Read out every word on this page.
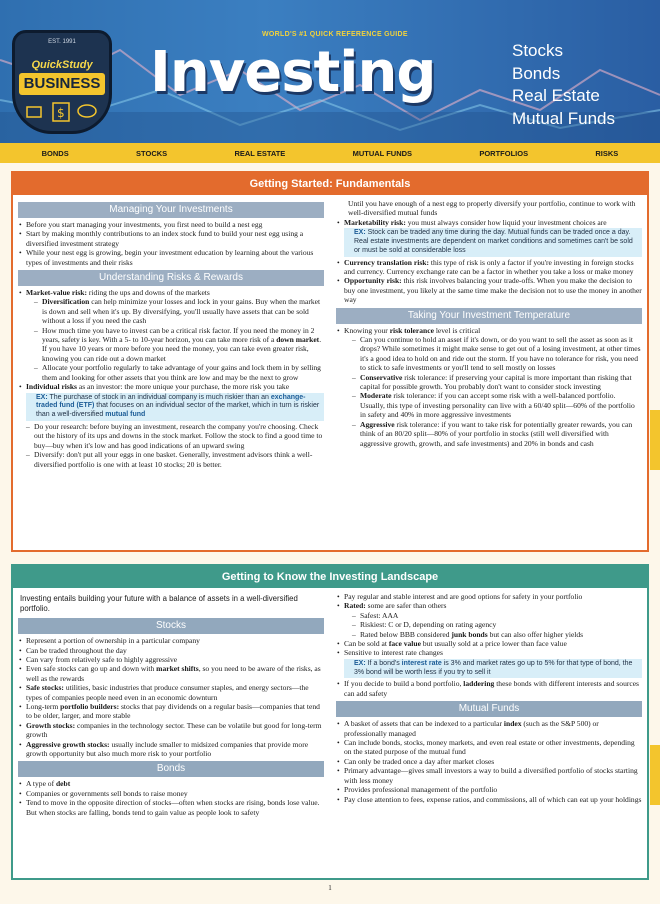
WORLD'S #1 QUICK REFERENCE GUIDE
EST. 1991
QuickStudy
BUSINESS
$
Investing	Stocks
Bonds
Real Estate
Mutual Funds
BONDS	STOCKS	REAL ESTATE	MUTUAL FUNDS	PORTFOLIOS	RISKS
Getting Started: Fundamentals
Managing Your Investments
• Before you start managing your investments, you first need to build a nest egg
• Start by making monthly contributions to an index stock fund to build your nest egg using a diversified investment strategy
• While your nest egg is growing, begin your investment education by learning about the various types of investments and their risks
Understanding Risks & Rewards
• Market-value risk: riding the ups and downs of the markets
– Diversification can help minimize your losses and lock in your gains. Buy when the market is down and sell when it's up. By diversifying, you'll usually have assets that can be sold without a loss if you need the cash
– How much time you have to invest can be a critical risk factor. If you need the money in 2 years, safety is key. With a 5- to 10-year horizon, you can take more risk of a down market. If you have 10 years or more before you need the money, you can take even greater risk, knowing you can ride out a down market
– Allocate your portfolio regularly to take advantage of your gains and lock them in by selling them and looking for other assets that you think are low and may be the next to grow
• Individual risks as an investor: the more unique your purchase, the more risk you take
EX: The purchase of stock in an individual company is much riskier than an exchange-traded fund (ETF) that focuses on an individual sector of the market, which in turn is riskier than a well-diversified mutual fund
– Do your research: before buying an investment, research the company you're choosing. Check out the history of its ups and downs in the stock market. Follow the stock to find a good time to buy—buy when it's low and has good indications of an upward swing
– Diversify: don't put all your eggs in one basket. Generally, investment advisors think a well-diversified portfolio is one with at least 10 stocks; 20 is better.

Until you have enough of a nest egg to properly diversify your portfolio, continue to work with well-diversified mutual funds

• Marketability risk: you must always consider how liquid your investment choices are
EX: Stock can be traded any time during the day. Mutual funds can be traded once a day. Real estate investments are dependent on market conditions and sometimes can't be sold or must be sold at considerable loss
• Currency translation risk: this type of risk is only a factor if you're investing in foreign stocks and currency. Currency exchange rate can be a factor in whether you take a loss or make money
• Opportunity risk: this risk involves balancing your trade-offs. When you make the decision to buy one investment, you likely at the same time make the decision not to use the money in another way
Taking Your Investment Temperature
• Knowing your risk tolerance level is critical
– Can you continue to hold an asset if it's down, or do you want to sell the asset as soon as it drops? While sometimes it might make sense to get out of a losing investment, at other times it's a good idea to hold on and ride out the storm. If you have no tolerance for risk, you need to stick to safe investments or you'll tend to sell mostly on losses
– Conservative risk tolerance: if preserving your capital is more important than risking that capital for possible growth. You probably don't want to consider stock investing
– Moderate risk tolerance: if you can accept some risk with a well-balanced portfolio. Usually, this type of investing personality can live with a 60/40 split—60% of the portfolio in safety and 40% in more aggressive investments
– Aggressive risk tolerance: if you want to take risk for potentially greater rewards, you can think of an 80/20 split—80% of your portfolio in stocks (still well diversified with aggressive growth, growth, and safe investments) and 20% in bonds and cash
Getting to Know the Investing Landscape

Investing entails building your future with a balance of assets in a well-diversified portfolio.

Stocks
• Represent a portion of ownership in a particular company
• Can be traded throughout the day
• Can vary from relatively safe to highly aggressive
• Even safe stocks can go up and down with market shifts, so you need to be aware of the risks, as well as the rewards
• Safe stocks: utilities, basic industries that produce consumer staples, and energy sectors—the types of companies people need even in an economic downturn
• Long-term portfolio builders: stocks that pay dividends on a regular basis—companies that tend to be older, larger, and more stable
• Growth stocks: companies in the technology sector. These can be volatile but good for long-term growth
• Aggressive growth stocks: usually include smaller to midsized companies that provide more growth opportunity but also much more risk to your portfolio
Bonds
• A type of debt
• Companies or governments sell bonds to raise money
• Tend to move in the opposite direction of stocks—often when stocks are rising, bonds lose value. But when stocks are falling, bonds tend to gain value as people look to safety
• Pay regular and stable interest and are good options for safety in your portfolio
• Rated: some are safer than others
– Safest: AAA
– Riskiest: C or D, depending on rating agency
– Rated below BBB considered junk bonds but can also offer higher yields
• Can be sold at face value but usually sold at a price lower than face value
• Sensitive to interest rate changes
EX: If a bond's interest rate is 3% and market rates go up to 5% for that type of bond, the 3% bond will be worth less if you try to sell it
• If you decide to build a bond portfolio, laddering these bonds with different interests and sources can add safety
Mutual Funds
• A basket of assets that can be indexed to a particular index (such as the S&P 500) or professionally managed
• Can include bonds, stocks, money markets, and even real estate or other investments, depending on the stated purpose of the mutual fund
• Can only be traded once a day after market closes
• Primary advantage—gives small investors a way to build a diversified portfolio of stocks starting with less money
• Provides professional management of the portfolio
• Pay close attention to fees, expense ratios, and commissions, all of which can eat up your holdings
1
